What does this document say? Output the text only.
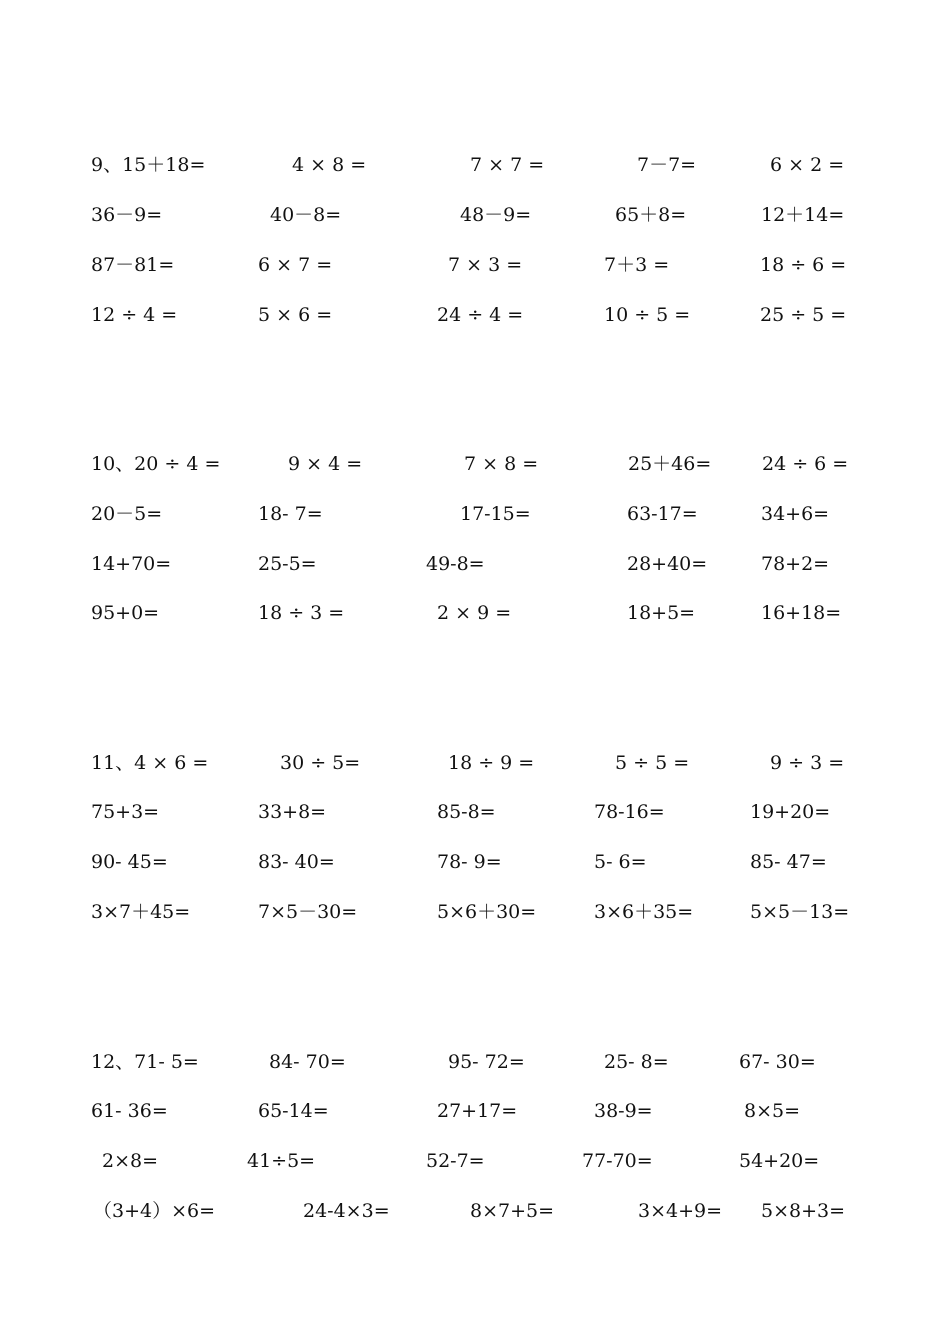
9、15＋18=	4 × 8 =	7 × 7 =	7－7=	6 × 2 =
36－9=	40－8=	48－9=	65＋8=	12＋14=
87－81=	6 × 7 =	7 × 3 =	7＋3 =	18 ÷ 6 =
12 ÷ 4 =	5 × 6 =	24 ÷ 4 =	10 ÷ 5 =	25 ÷ 5 =
10、20 ÷ 4 =	9 × 4 =	7 × 8 =	25＋46=	24 ÷ 6 =
20－5=	18- 7=	17-15=	63-17=	34+6=
14+70=	25-5=	49-8=	28+40=	78+2=
95+0=	18 ÷ 3 =	2 × 9 =	18+5=	16+18=
11、4 × 6 =	30 ÷ 5=	18 ÷ 9 =	5 ÷ 5 =	9 ÷ 3 =
75+3=	33+8=	85-8=	78-16=	19+20=
90- 45=	83- 40=	78- 9=	5- 6=	85- 47=
3×7＋45=	7×5－30=	5×6＋30=	3×6＋35=	5×5－13=
12、71- 5=	84- 70=	95- 72=	25- 8=	67- 30=
61- 36=	65-14=	27+17=	38-9=	8×5=
2×8=	41÷5=	52-7=	77-70=	54+20=
（3+4）×6=	24-4×3=	8×7+5=	3×4+9= 5×8+3=
